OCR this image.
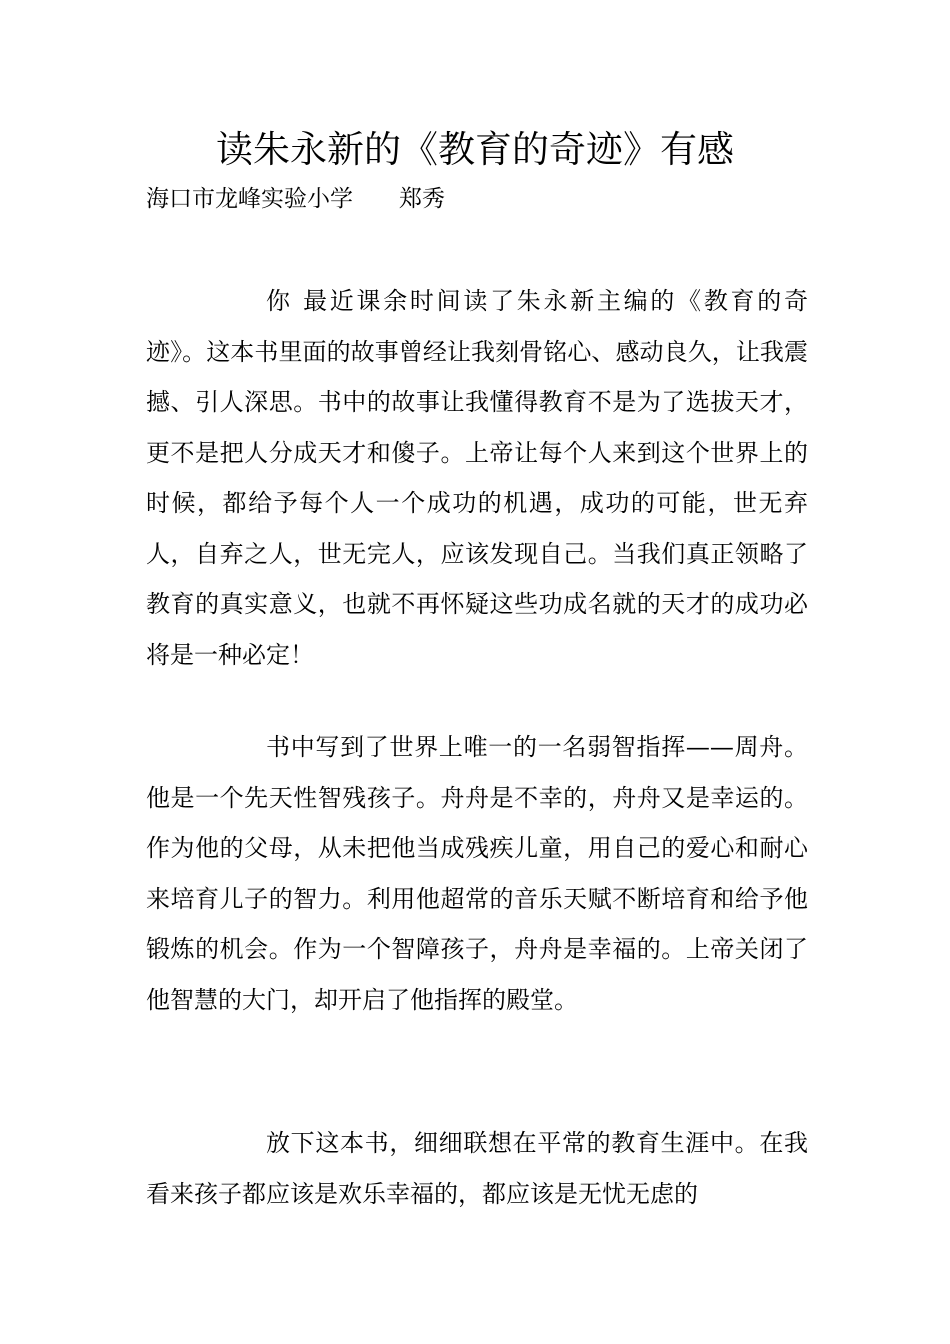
读朱永新的《教育的奇迹》有感
海口市龙峰实验小学　　郑秀

你 最近课余时间读了朱永新主编的《教育的奇迹》。这本书里面的故事曾经让我刻骨铭心、感动良久，让我震撼、引人深思。书中的故事让我懂得教育不是为了选拔天才，更不是把人分成天才和傻子。上帝让每个人来到这个世界上的时候，都给予每个人一个成功的机遇，成功的可能，世无弃人，自弃之人，世无完人，应该发现自己。当我们真正领略了教育的真实意义，也就不再怀疑这些功成名就的天才的成功必将是一种必定！

书中写到了世界上唯一的一名弱智指挥——周舟。他是一个先天性智残孩子。舟舟是不幸的，舟舟又是幸运的。作为他的父母，从未把他当成残疾儿童，用自己的爱心和耐心来培育儿子的智力。利用他超常的音乐天赋不断培育和给予他锻炼的机会。作为一个智障孩子，舟舟是幸福的。上帝关闭了他智慧的大门，却开启了他指挥的殿堂。

放下这本书，细细联想在平常的教育生涯中。在我看来孩子都应该是欢乐幸福的，都应该是无忧无虑的
